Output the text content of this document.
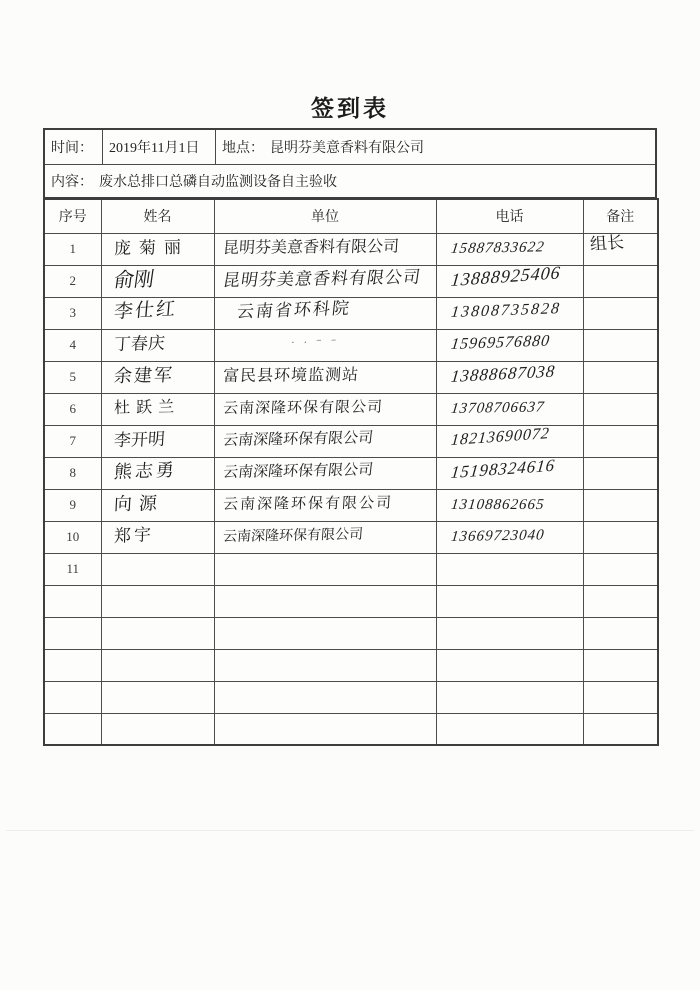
签到表
时间：	2019年11月1日	地点： 昆明芬美意香料有限公司
内容： 废水总排口总磷自动监测设备自主验收
序号	姓名	单位	电话	备注
1	庞菊丽	昆明芬美意香料有限公司	15887833622	组长
2	俞刚	昆明芬美意香料有限公司	13888925406	
3	李仕红	云南省环科院	13808735828	
4	丁春庆	· · ⁻ ⁻	15969576880	
5	余建军	富民县环境监测站	13888687038	
6	杜跃兰	云南深隆环保有限公司	13708706637	
7	李开明	云南深隆环保有限公司	18213690072	
8	熊志勇	云南深隆环保有限公司	15198324616	
9	向源	云南深隆环保有限公司	13108862665	
10	郑宇	云南深隆环保有限公司	13669723040	
11				
